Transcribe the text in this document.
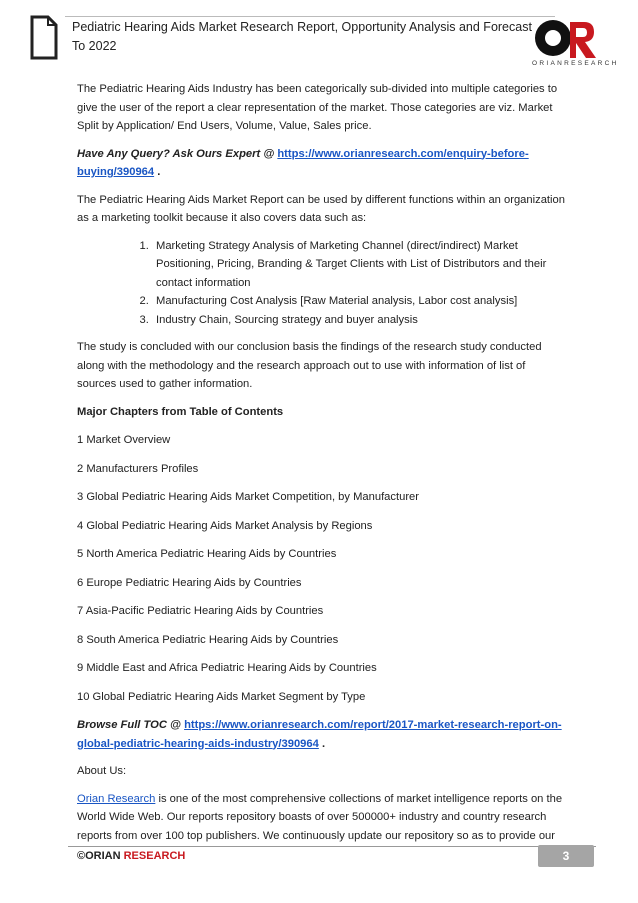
Pediatric Hearing Aids Market Research Report, Opportunity Analysis and Forecast To 2022
ORIANRESEARCH

The Pediatric Hearing Aids Industry has been categorically sub-divided into multiple categories to give the user of the report a clear representation of the market. Those categories are viz. Market Split by Application/ End Users, Volume, Value, Sales price.

Have Any Query? Ask Ours Expert @ https://www.orianresearch.com/enquiry-before-buying/390964 .

The Pediatric Hearing Aids Market Report can be used by different functions within an organization as a marketing toolkit because it also covers data such as:

1. Marketing Strategy Analysis of Marketing Channel (direct/indirect) Market Positioning, Pricing, Branding & Target Clients with List of Distributors and their contact information
2. Manufacturing Cost Analysis [Raw Material analysis, Labor cost analysis]
3. Industry Chain, Sourcing strategy and buyer analysis

The study is concluded with our conclusion basis the findings of the research study conducted along with the methodology and the research approach out to use with information of list of sources used to gather information.

Major Chapters from Table of Contents

1 Market Overview

2 Manufacturers Profiles

3 Global Pediatric Hearing Aids Market Competition, by Manufacturer

4 Global Pediatric Hearing Aids Market Analysis by Regions

5 North America Pediatric Hearing Aids by Countries

6 Europe Pediatric Hearing Aids by Countries

7 Asia-Pacific Pediatric Hearing Aids by Countries

8 South America Pediatric Hearing Aids by Countries

9 Middle East and Africa Pediatric Hearing Aids by Countries

10 Global Pediatric Hearing Aids Market Segment by Type

Browse Full TOC @ https://www.orianresearch.com/report/2017-market-research-report-on-global-pediatric-hearing-aids-industry/390964 .

About Us:

Orian Research is one of the most comprehensive collections of market intelligence reports on the World Wide Web. Our reports repository boasts of over 500000+ industry and country research reports from over 100 top publishers. We continuously update our repository so as to provide our

©ORIAN RESEARCH	3
